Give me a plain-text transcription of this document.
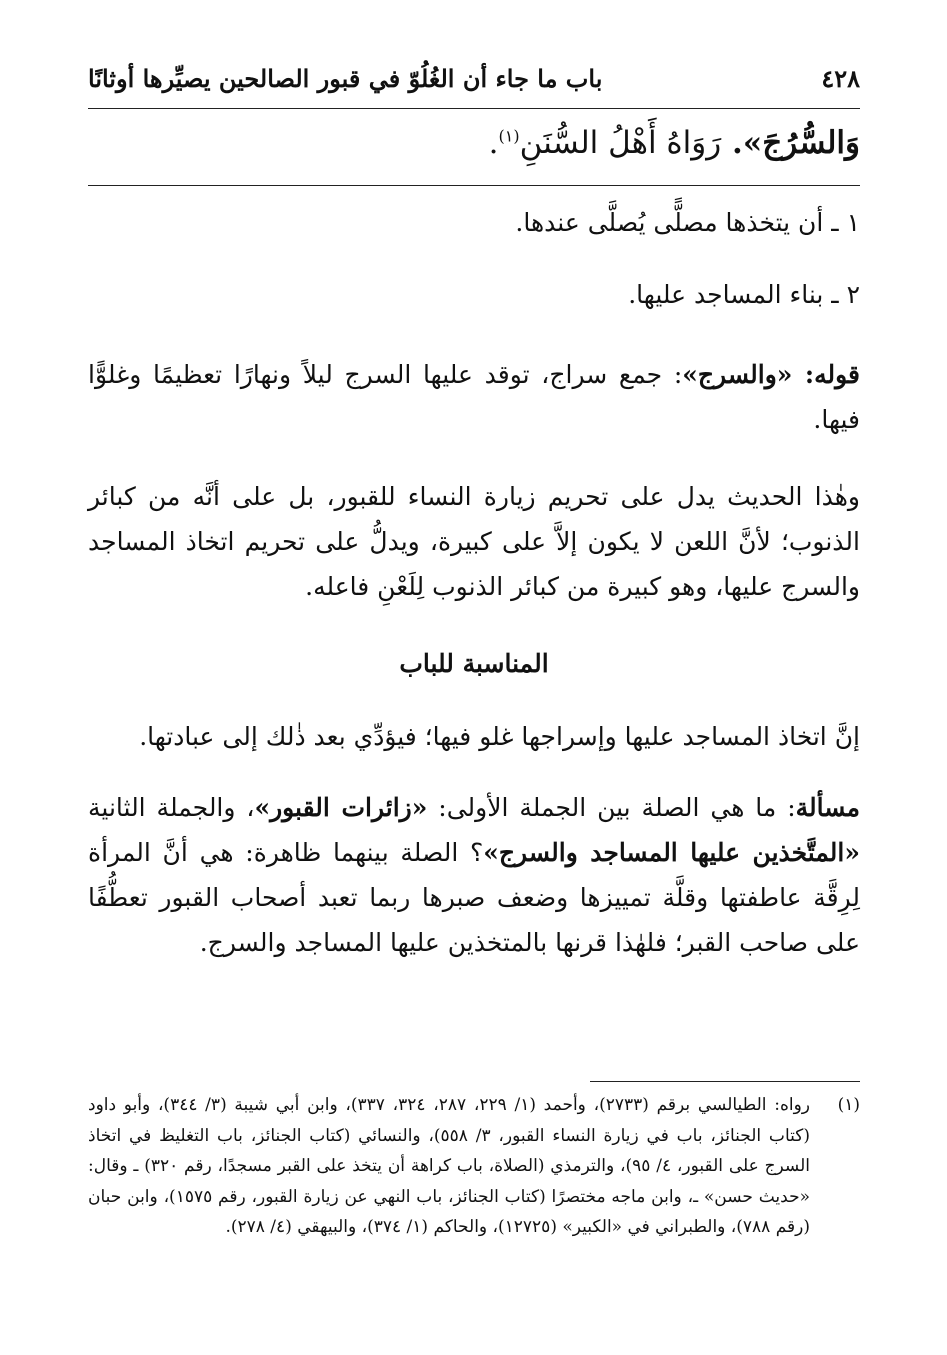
٤٢٨
باب ما جاء أن الغُلُوّ في قبور الصالحين يصيِّرها أوثانًا
وَالسُّرُجَ». رَوَاهُ أَهْلُ السُّنَنِ$^{(١)}$.
١ ـ أن يتخذها مصلًّى يُصلَّى عندها.
٢ ـ بناء المساجد عليها.

قوله: «والسرج»: جمع سراج، توقد عليها السرج ليلاً ونهارًا تعظيمًا وغلوًّا فيها.

وهٰذا الحديث يدل على تحريم زيارة النساء للقبور، بل على أنَّه من كبائر الذنوب؛ لأنَّ اللعن لا يكون إلاَّ على كبيرة، ويدلُّ على تحريم اتخاذ المساجد والسرج عليها، وهو كبيرة من كبائر الذنوب لِلَعْنِ فاعله.

المناسبة للباب

إنَّ اتخاذ المساجد عليها وإسراجها غلو فيها؛ فيؤدِّي بعد ذٰلك إلى عبادتها.

مسألة: ما هي الصلة بين الجملة الأولى: «زائرات القبور»، والجملة الثانية «المتَّخذين عليها المساجد والسرج»؟ الصلة بينهما ظاهرة: هي أنَّ المرأة لِرِقَّة عاطفتها وقلَّة تمييزها وضعف صبرها ربما تعبد أصحاب القبور تعطُّفًا على صاحب القبر؛ فلهٰذا قرنها بالمتخذين عليها المساجد والسرج.

(١)
رواه: الطيالسي برقم (٢٧٣٣)، وأحمد (١/ ٢٢٩، ٢٨٧، ٣٢٤، ٣٣٧)، وابن أبي شيبة (٣/ ٣٤٤)، وأبو داود (كتاب الجنائز، باب في زيارة النساء القبور، ٣/ ٥٥٨)، والنسائي (كتاب الجنائز، باب التغليظ في اتخاذ السرج على القبور، ٤/ ٩٥)، والترمذي (الصلاة، باب كراهة أن يتخذ على القبر مسجدًا، رقم ٣٢٠) ـ وقال: «حديث حسن» ـ، وابن ماجه مختصرًا (كتاب الجنائز، باب النهي عن زيارة القبور، رقم ١٥٧٥)، وابن حبان (رقم ٧٨٨)، والطبراني في «الكبير» (١٢٧٢٥)، والحاكم (١/ ٣٧٤)، والبيهقي (٤/ ٢٧٨).
